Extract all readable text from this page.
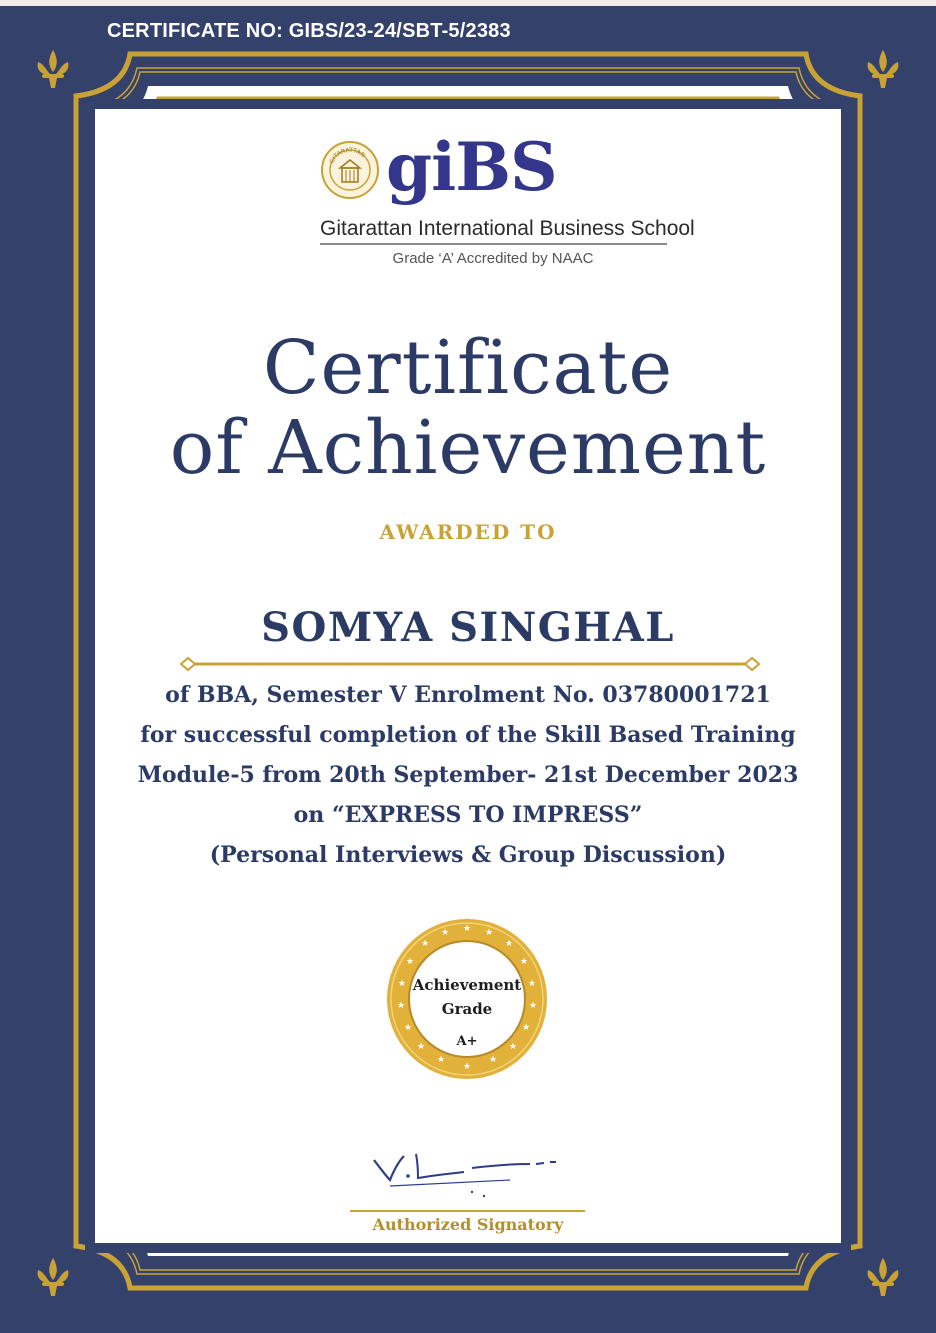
CERTIFICATE NO: GIBS/23-24/SBT-5/2383
GITARATTAN giBS
Gitarattan International Business School
Grade ‘A’ Accredited by NAAC
Certificate
of Achievement
AWARDED TO
SOMYA SINGHAL
of BBA, Semester V Enrolment No. 03780001721
for successful completion of the Skill Based Training
Module-5 from 20th September- 21st December 2023
on “EXPRESS TO IMPRESS”
(Personal Interviews & Group Discussion)
★ ★
★
★
★
★
★
★
★
★
★
★
★
★
★
★
★
★
Achievement
Grade
A+
Authorized Signatory
